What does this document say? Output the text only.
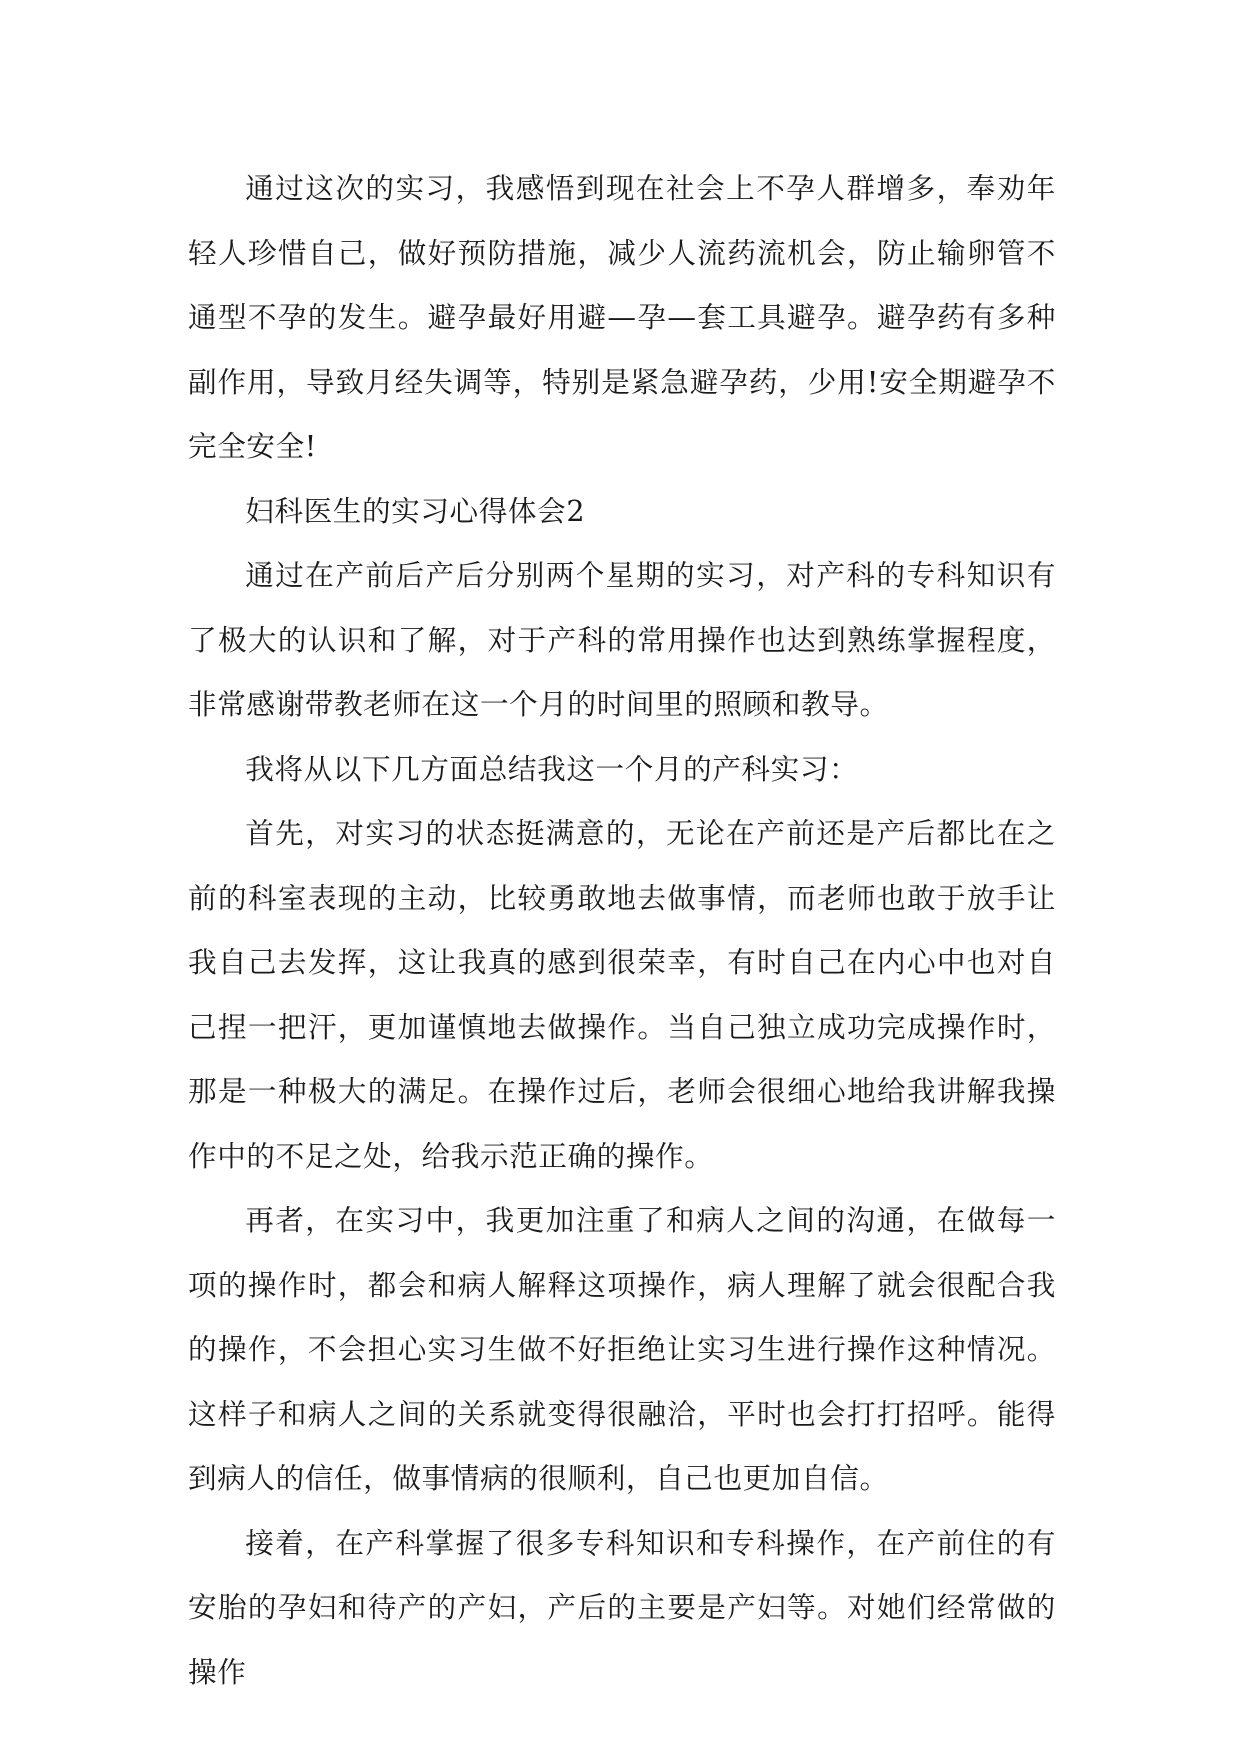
通过这次的实习，我感悟到现在社会上不孕人群增多，奉劝年轻人珍惜自己，做好预防措施，减少人流药流机会，防止输卵管不通型不孕的发生。避孕最好用避—孕—套工具避孕。避孕药有多种副作用，导致月经失调等，特别是紧急避孕药，少用!安全期避孕不完全安全!

妇科医生的实习心得体会2

通过在产前后产后分别两个星期的实习，对产科的专科知识有了极大的认识和了解，对于产科的常用操作也达到熟练掌握程度，非常感谢带教老师在这一个月的时间里的照顾和教导。

我将从以下几方面总结我这一个月的产科实习：

首先，对实习的状态挺满意的，无论在产前还是产后都比在之前的科室表现的主动，比较勇敢地去做事情，而老师也敢于放手让我自己去发挥，这让我真的感到很荣幸，有时自己在内心中也对自己捏一把汗，更加谨慎地去做操作。当自己独立成功完成操作时，那是一种极大的满足。在操作过后，老师会很细心地给我讲解我操作中的不足之处，给我示范正确的操作。

再者，在实习中，我更加注重了和病人之间的沟通，在做每一项的操作时，都会和病人解释这项操作，病人理解了就会很配合我的操作，不会担心实习生做不好拒绝让实习生进行操作这种情况。这样子和病人之间的关系就变得很融洽，平时也会打打招呼。能得到病人的信任，做事情病的很顺利，自己也更加自信。

接着，在产科掌握了很多专科知识和专科操作，在产前住的有安胎的孕妇和待产的产妇，产后的主要是产妇等。对她们经常做的操作
